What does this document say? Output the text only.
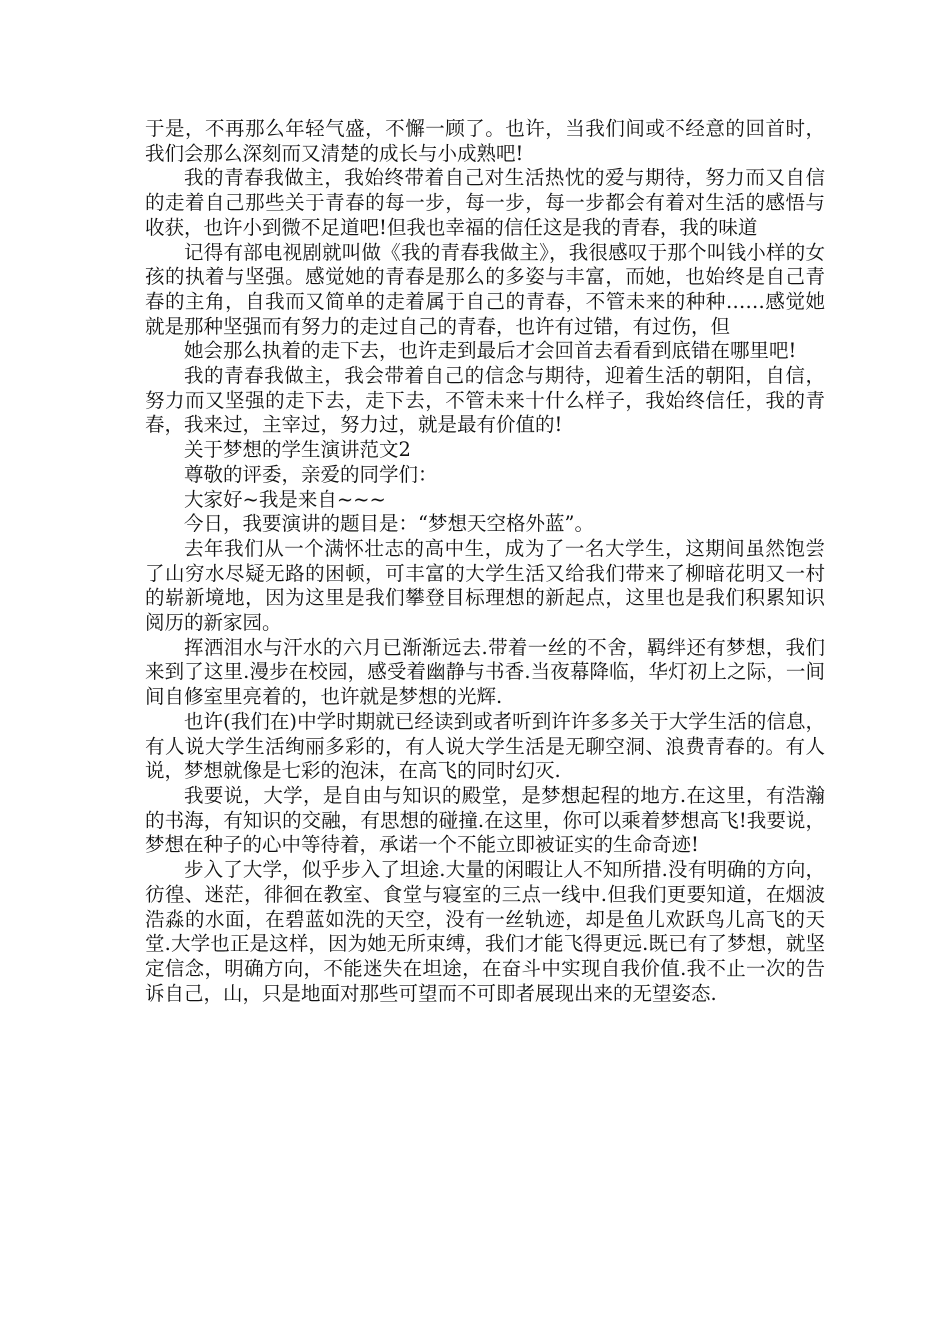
于是，不再那么年轻气盛，不懈一顾了。也许，当我们间或不经意的回首时，我们会那么深刻而又清楚的成长与小成熟吧!

我的青春我做主，我始终带着自己对生活热忱的爱与期待，努力而又自信的走着自己那些关于青春的每一步，每一步，每一步都会有着对生活的感悟与收获，也许小到微不足道吧!但我也幸福的信任这是我的青春，我的味道

记得有部电视剧就叫做《我的青春我做主》，我很感叹于那个叫钱小样的女孩的执着与坚强。感觉她的青春是那么的多姿与丰富，而她，也始终是自己青春的主角，自我而又简单的走着属于自己的青春，不管未来的种种……感觉她就是那种坚强而有努力的走过自己的青春，也许有过错，有过伤，但

她会那么执着的走下去，也许走到最后才会回首去看看到底错在哪里吧!

我的青春我做主，我会带着自己的信念与期待，迎着生活的朝阳，自信，努力而又坚强的走下去，走下去，不管未来十什么样子，我始终信任，我的青春，我来过，主宰过，努力过，就是最有价值的!

关于梦想的学生演讲范文2

尊敬的评委，亲爱的同学们：

大家好~我是来自~~~

今日，我要演讲的题目是：“梦想天空格外蓝”。

去年我们从一个满怀壮志的高中生，成为了一名大学生，这期间虽然饱尝了山穷水尽疑无路的困顿，可丰富的大学生活又给我们带来了柳暗花明又一村的崭新境地，因为这里是我们攀登目标理想的新起点，这里也是我们积累知识阅历的新家园。

挥洒泪水与汗水的六月已渐渐远去.带着一丝的不舍，羁绊还有梦想，我们来到了这里.漫步在校园，感受着幽静与书香.当夜幕降临，华灯初上之际，一间间自修室里亮着的，也许就是梦想的光辉.

也许(我们在)中学时期就已经读到或者听到许许多多关于大学生活的信息，有人说大学生活绚丽多彩的，有人说大学生活是无聊空洞、浪费青春的。有人说，梦想就像是七彩的泡沫，在高飞的同时幻灭.

我要说，大学，是自由与知识的殿堂，是梦想起程的地方.在这里，有浩瀚的书海，有知识的交融，有思想的碰撞.在这里，你可以乘着梦想高飞!我要说，梦想在种子的心中等待着，承诺一个不能立即被证实的生命奇迹!

步入了大学，似乎步入了坦途.大量的闲暇让人不知所措.没有明确的方向，彷徨、迷茫，徘徊在教室、食堂与寝室的三点一线中.但我们更要知道，在烟波浩淼的水面，在碧蓝如洗的天空，没有一丝轨迹，却是鱼儿欢跃鸟儿高飞的天堂.大学也正是这样，因为她无所束缚，我们才能飞得更远.既已有了梦想，就坚定信念，明确方向，不能迷失在坦途，在奋斗中实现自我价值.我不止一次的告诉自己，山，只是地面对那些可望而不可即者展现出来的无望姿态.
